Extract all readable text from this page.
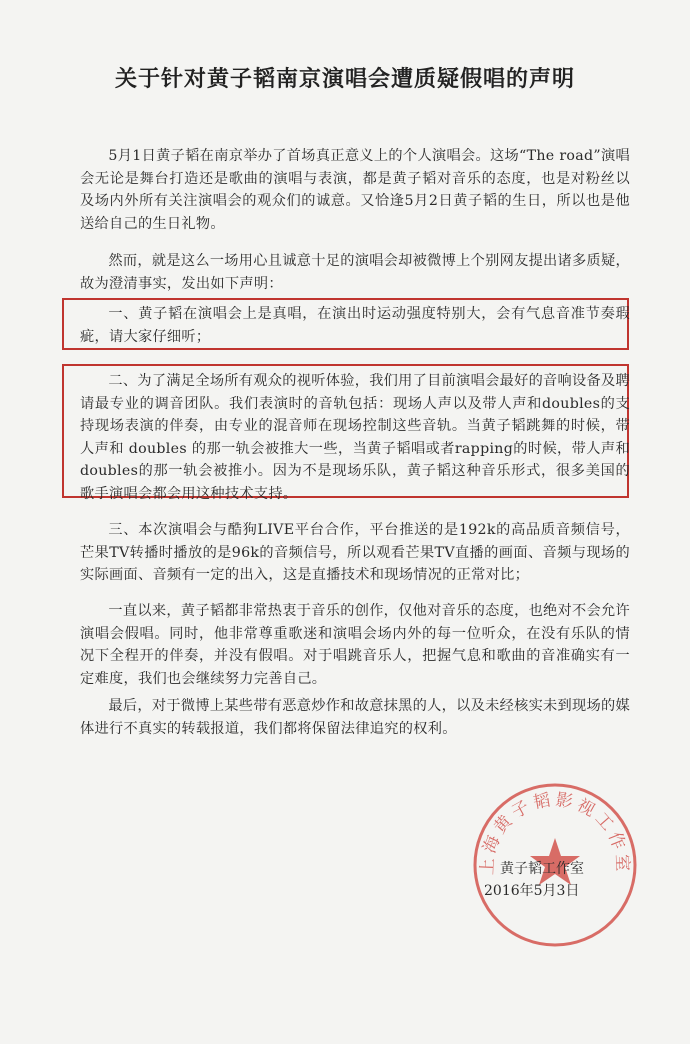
关于针对黄子韬南京演唱会遭质疑假唱的声明

5月1日黄子韬在南京举办了首场真正意义上的个人演唱会。这场“The road”演唱会无论是舞台打造还是歌曲的演唱与表演，都是黄子韬对音乐的态度，也是对粉丝以及场内外所有关注演唱会的观众们的诚意。又恰逢5月2日黄子韬的生日，所以也是他送给自己的生日礼物。

然而，就是这么一场用心且诚意十足的演唱会却被微博上个别网友提出诸多质疑，故为澄清事实，发出如下声明：

一、黄子韬在演唱会上是真唱，在演出时运动强度特别大，会有气息音准节奏瑕疵，请大家仔细听；

二、为了满足全场所有观众的视听体验，我们用了目前演唱会最好的音响设备及聘请最专业的调音团队。我们表演时的音轨包括：现场人声以及带人声和doubles的支持现场表演的伴奏，由专业的混音师在现场控制这些音轨。当黄子韬跳舞的时候，带人声和 doubles 的那一轨会被推大一些，当黄子韬唱或者rapping的时候，带人声和doubles的那一轨会被推小。因为不是现场乐队，黄子韬这种音乐形式，很多美国的歌手演唱会都会用这种技术支持。

三、本次演唱会与酷狗LIVE平台合作，平台推送的是192k的高品质音频信号，芒果TV转播时播放的是96k的音频信号，所以观看芒果TV直播的画面、音频与现场的实际画面、音频有一定的出入，这是直播技术和现场情况的正常对比；

一直以来，黄子韬都非常热衷于音乐的创作，仅他对音乐的态度，也绝对不会允许演唱会假唱。同时，他非常尊重歌迷和演唱会场内外的每一位听众，在没有乐队的情况下全程开的伴奏，并没有假唱。对于唱跳音乐人，把握气息和歌曲的音准确实有一定难度，我们也会继续努力完善自己。

最后，对于微博上某些带有恶意炒作和故意抹黑的人，以及未经核实未到现场的媒体进行不真实的转载报道，我们都将保留法律追究的权利。

上海黄子韬影视工作室
黄子韬工作室
2016年5月3日
